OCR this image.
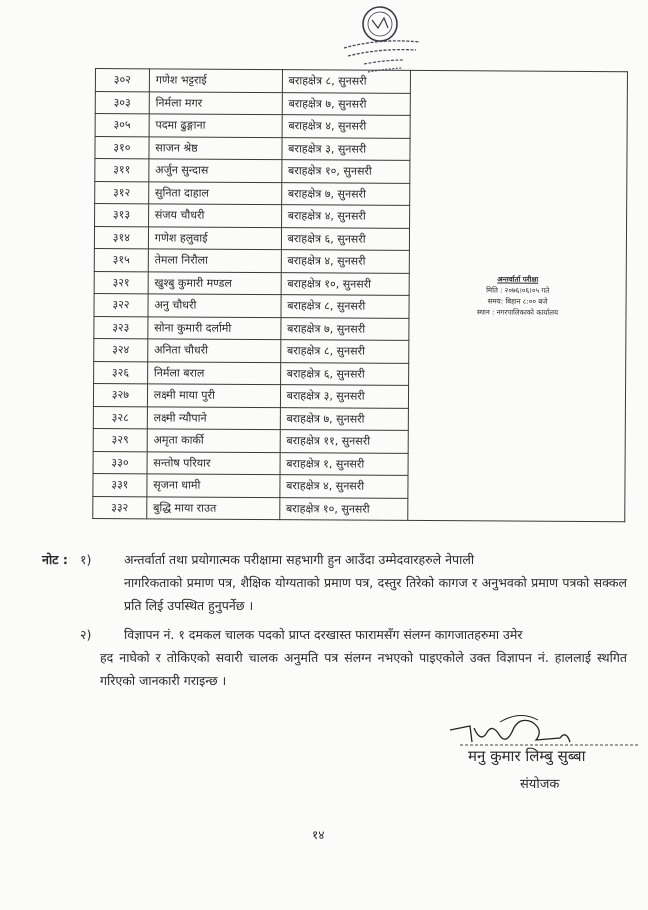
३०२	गणेश भट्टराई	बराहक्षेत्र ८, सुनसरी	अन्तर्वार्ता परीक्षा
मिति : २०७६।०६।०५ गते
समय: बिहान ८:०० बजे
स्थान : नगरपालिकाको कार्यालय

३०३	निर्मला मगर	बराहक्षेत्र ७, सुनसरी	
३०५	पदमा ढुङ्गाना	बराहक्षेत्र ४, सुनसरी	
३१०	साजन श्रेष्ठ	बराहक्षेत्र ३, सुनसरी	
३११	अर्जुन सुन्दास	बराहक्षेत्र १०, सुनसरी	
३१२	सुनिता दाहाल	बराहक्षेत्र ७, सुनसरी	
३१३	संजय चौधरी	बराहक्षेत्र ४, सुनसरी	
३१४	गणेश हलुवाई	बराहक्षेत्र ६, सुनसरी	
३१५	तेमला निरौला	बराहक्षेत्र ४, सुनसरी	
३२१	खुश्बु कुमारी मण्डल	बराहक्षेत्र १०, सुनसरी	
३२२	अनु चौधरी	बराहक्षेत्र ८, सुनसरी	
३२३	सोना कुमारी दर्लामी	बराहक्षेत्र ७, सुनसरी	
३२४	अनिता चौधरी	बराहक्षेत्र ८, सुनसरी	
३२६	निर्मला बराल	बराहक्षेत्र ६, सुनसरी	
३२७	लक्ष्मी माया पुरी	बराहक्षेत्र ३, सुनसरी	
३२८	लक्ष्मी न्यौपाने	बराहक्षेत्र ७, सुनसरी	
३२९	अमृता कार्की	बराहक्षेत्र ११, सुनसरी	
३३०	सन्तोष परियार	बराहक्षेत्र १, सुनसरी	
३३१	सृजना धामी	बराहक्षेत्र ४, सुनसरी	
३३२	बुद्धि माया राउत	बराहक्षेत्र १०, सुनसरी	
नोट : १)	अन्तर्वार्ता तथा प्रयोगात्मक परीक्षामा सहभागी हुन आउँदा उम्मेदवारहरुले नेपाली
नागरिकताको प्रमाण पत्र, शैक्षिक योग्यताको प्रमाण पत्र, दस्तुर तिरेको कागज र अनुभवको प्रमाण पत्रको सक्कल प्रति लिई उपस्थित हुनुपर्नेछ ।
२)	विज्ञापन नं. १ दमकल चालक पदको प्राप्त दरखास्त फारामसँग संलग्न कागजातहरुमा उमेर
हद नाघेको र तोकिएको सवारी चालक अनुमति पत्र संलग्न नभएको पाइएकोले उक्त विज्ञापन नं. हाललाई स्थगित गरिएको जानकारी गराइन्छ ।
मनु कुमार लिम्बु सुब्बा
संयोजक
१४
